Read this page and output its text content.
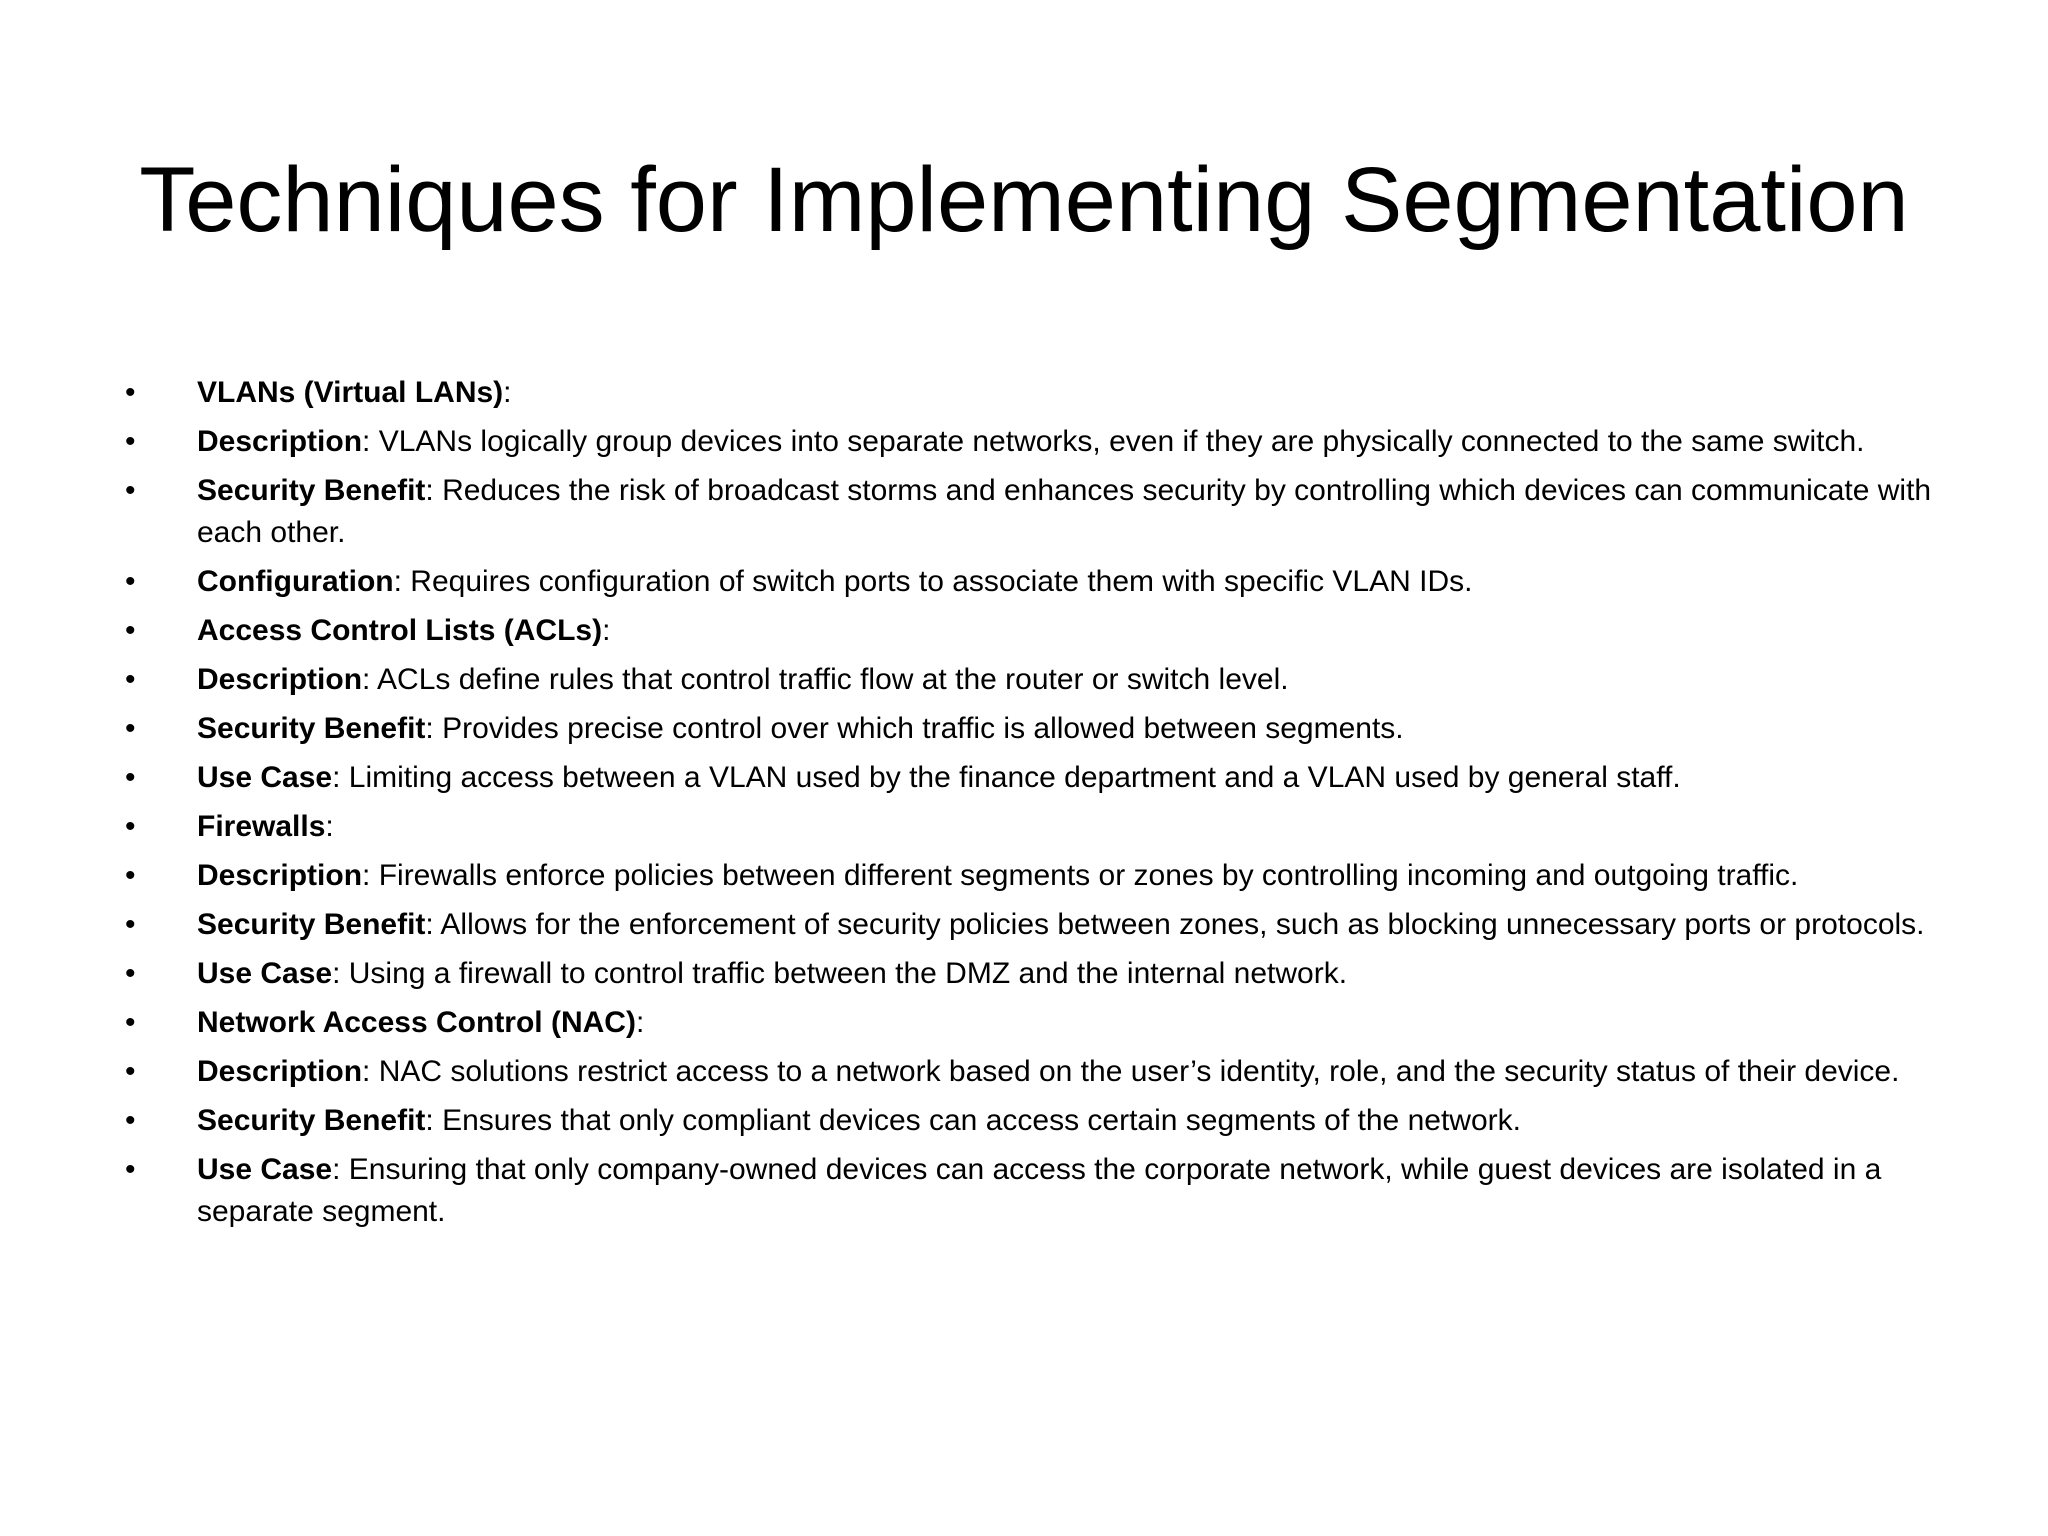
Techniques for Implementing Segmentation
•	VLANs (Virtual LANs):
•	Description: VLANs logically group devices into separate networks, even if they are physically connected to the same switch.
•	Security Benefit: Reduces the risk of broadcast storms and enhances security by controlling which devices can communicate with each other.
•	Configuration: Requires configuration of switch ports to associate them with specific VLAN IDs.
•	Access Control Lists (ACLs):
•	Description: ACLs define rules that control traffic flow at the router or switch level.
•	Security Benefit: Provides precise control over which traffic is allowed between segments.
•	Use Case: Limiting access between a VLAN used by the finance department and a VLAN used by general staff.
•	Firewalls:
•	Description: Firewalls enforce policies between different segments or zones by controlling incoming and outgoing traffic.
•	Security Benefit: Allows for the enforcement of security policies between zones, such as blocking unnecessary ports or protocols.
•	Use Case: Using a firewall to control traffic between the DMZ and the internal network.
•	Network Access Control (NAC):
•	Description: NAC solutions restrict access to a network based on the user’s identity, role, and the security status of their device.
•	Security Benefit: Ensures that only compliant devices can access certain segments of the network.
•	Use Case: Ensuring that only company-owned devices can access the corporate network, while guest devices are isolated in a separate segment.
